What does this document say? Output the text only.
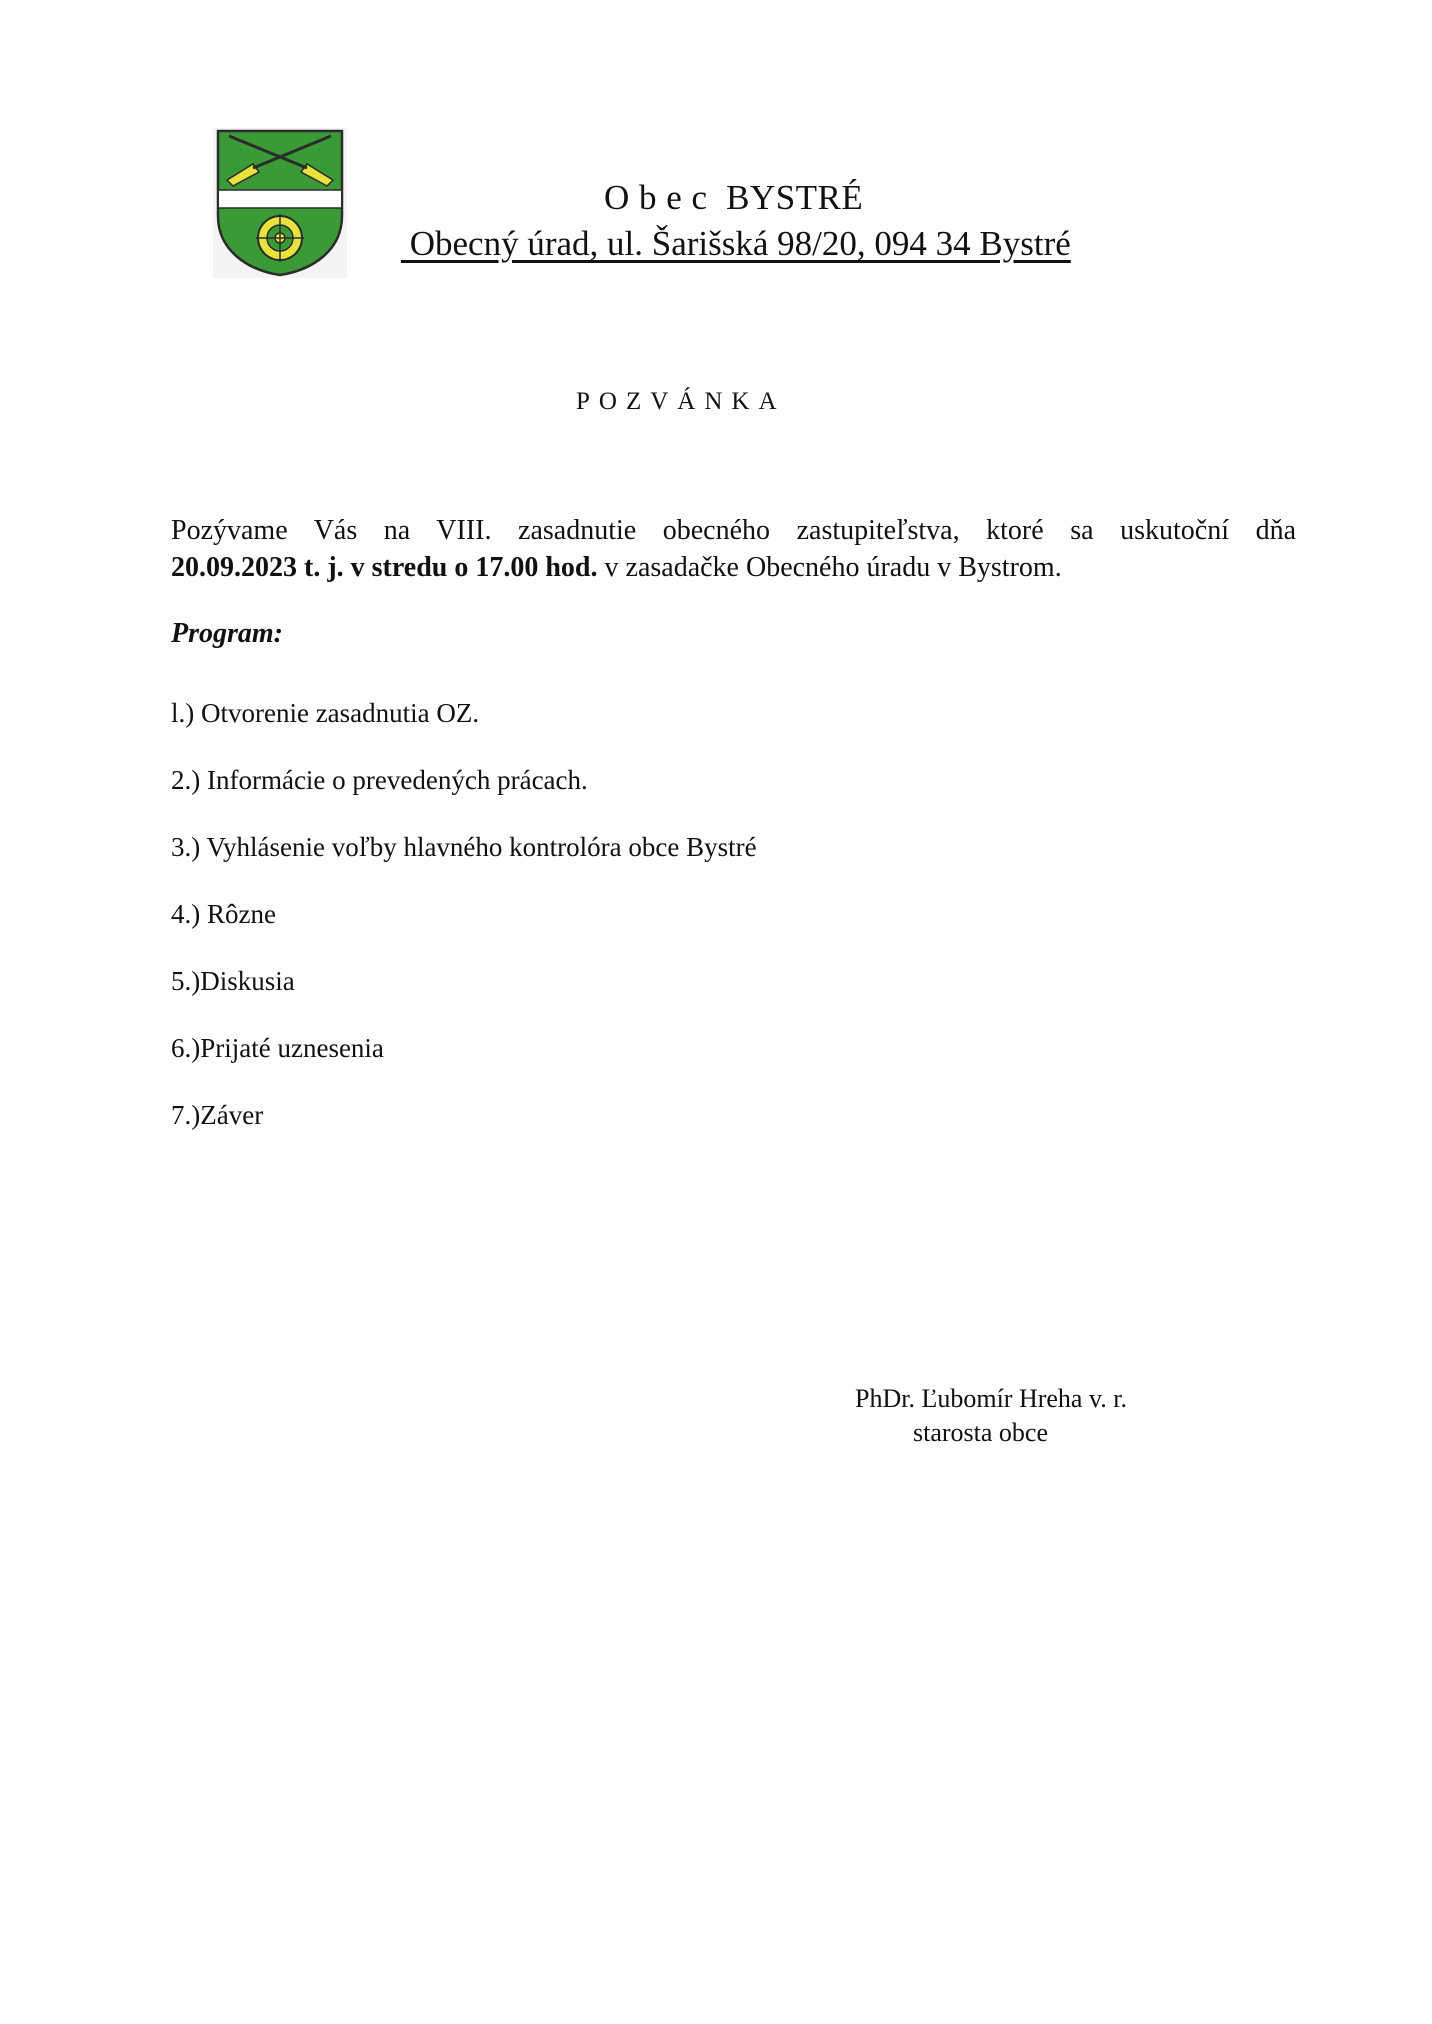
O b e c  BYSTRÉ
Obecný úrad, ul. Šarišská 98/20, 094 34 Bystré
POZVÁNKA
Pozývame Vás na VIII. zasadnutie obecného zastupiteľstva, ktoré sa uskutoční dňa
20.09.2023 t. j. v stredu o 17.00 hod. v zasadačke Obecného úradu v Bystrom.
Program:
l.) Otvorenie zasadnutia OZ.
2.) Informácie o prevedených prácach.
3.) Vyhlásenie voľby hlavného kontrolóra obce Bystré
4.) Rôzne
5.)Diskusia
6.)Prijaté uznesenia
7.)Záver
PhDr. Ľubomír Hreha v. r.
starosta obce
